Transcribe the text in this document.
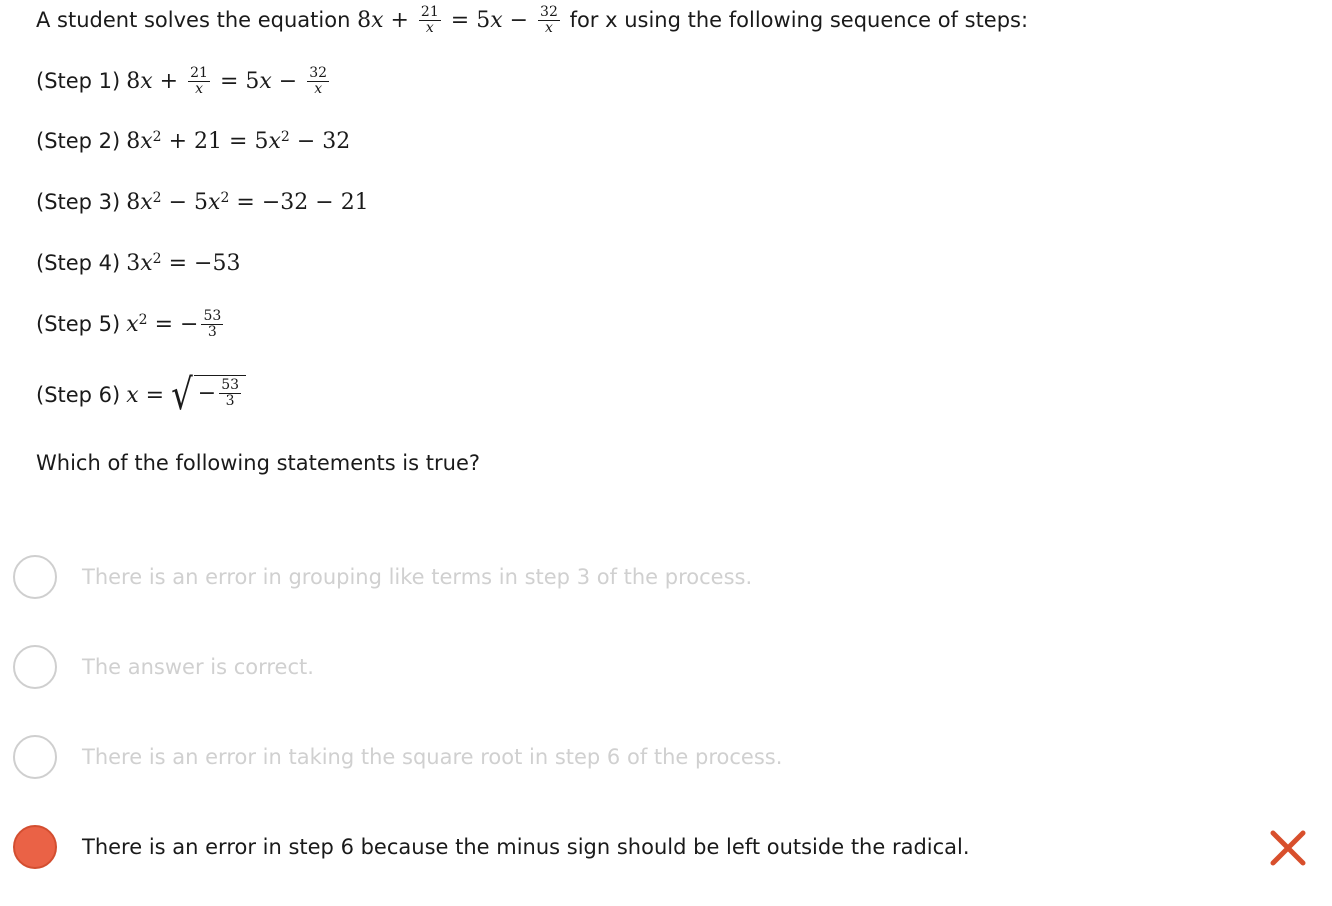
A student solves the equation
8 $x + \frac{21}{x} = 5$ $x - \frac{32}{x}$
for x using the following sequence of steps:
(Step 1) 8 $x + \frac{21}{x} = 5$ $x - \frac{32}{x}$
(Step 2) 8 $x^2 + 21 = 5$ $x^2 - 32$
(Step 3) 8 $x^2 - 5$ $x^2 = -32 - 21$
(Step 4) 3 $x^2 = -53$
(Step 5) $x^2$ = − $\frac{53}{3}$
(Step 6) x = √ − $\frac{53}{3}$
Which of the following statements is true?
There is an error in grouping like terms in step 3 of the process.
The answer is correct.
There is an error in taking the square root in step 6 of the process.
There is an error in step 6 because the minus sign should be left outside the radical.
